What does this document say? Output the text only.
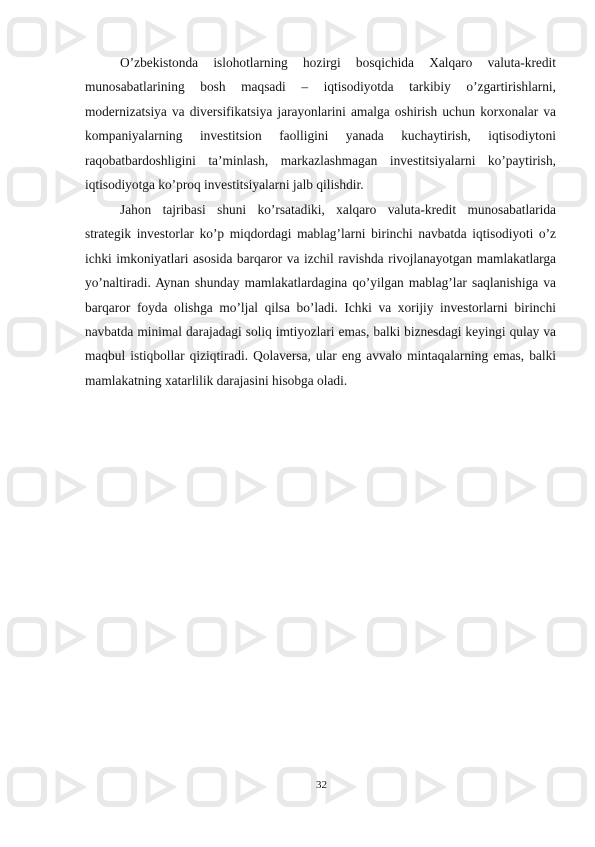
O’zbekistonda islohotlarning hozirgi bosqichida Xalqaro valuta-kredit munosabatlarining bosh maqsadi – iqtisodiyotda tarkibiy o’zgartirishlarni, modernizatsiya va diversifikatsiya jarayonlarini amalga oshirish uchun korxonalar va kompaniyalarning investitsion faolligini yanada kuchaytirish, iqtisodiytoni raqobatbardoshligini ta’minlash, markazlashmagan investitsiyalarni ko’paytirish, iqtisodiyotga ko’proq investitsiyalarni jalb qilishdir.

Jahon tajribasi shuni ko’rsatadiki, xalqaro valuta-kredit munosabatlarida strategik investorlar ko’p miqdordagi mablag’larni birinchi navbatda iqtisodiyoti o’z ichki imkoniyatlari asosida barqaror va izchil ravishda rivojlanayotgan mamlakatlarga yo’naltiradi. Aynan shunday mamlakatlardagina qo’yilgan mablag’lar saqlanishiga va barqaror foyda olishga mo’ljal qilsa bo’ladi. Ichki va xorijiy investorlarni birinchi navbatda minimal darajadagi soliq imtiyozlari emas, balki biznesdagi keyingi qulay va maqbul istiqbollar qiziqtiradi. Qolaversa, ular eng avvalo mintaqalarning emas, balki mamlakatning xatarlilik darajasini hisobga oladi.

32
